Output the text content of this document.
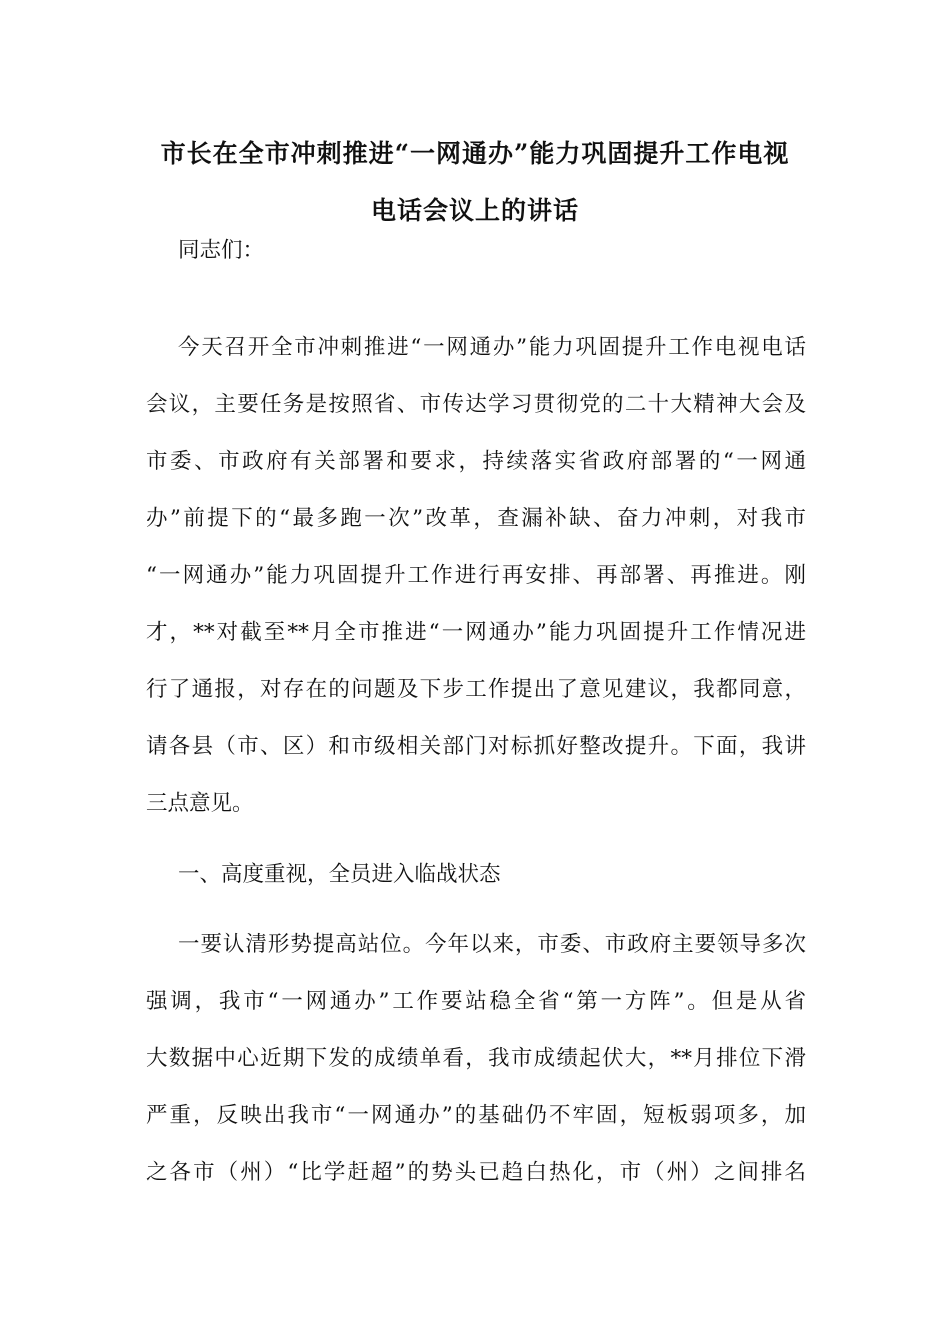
市长在全市冲刺推进“一网通办”能力巩固提升工作电视
电话会议上的讲话
同志们：
今天召开全市冲刺推进“一网通办”能力巩固提升工作电视电话
会议，主要任务是按照省、市传达学习贯彻党的二十大精神大会及
市委、市政府有关部署和要求，持续落实省政府部署的“一网通
办”前提下的“最多跑一次”改革，查漏补缺、奋力冲刺，对我市
“一网通办”能力巩固提升工作进行再安排、再部署、再推进。刚
才，**对截至**月全市推进“一网通办”能力巩固提升工作情况进
行了通报，对存在的问题及下步工作提出了意见建议，我都同意，
请各县（市、区）和市级相关部门对标抓好整改提升。下面，我讲
三点意见。
一、高度重视，全员进入临战状态
一要认清形势提高站位。今年以来，市委、市政府主要领导多次
强调，我市“一网通办”工作要站稳全省“第一方阵”。但是从省
大数据中心近期下发的成绩单看，我市成绩起伏大，**月排位下滑
严重，反映出我市“一网通办”的基础仍不牢固，短板弱项多，加
之各市（州）“比学赶超”的势头已趋白热化，市（州）之间排名
